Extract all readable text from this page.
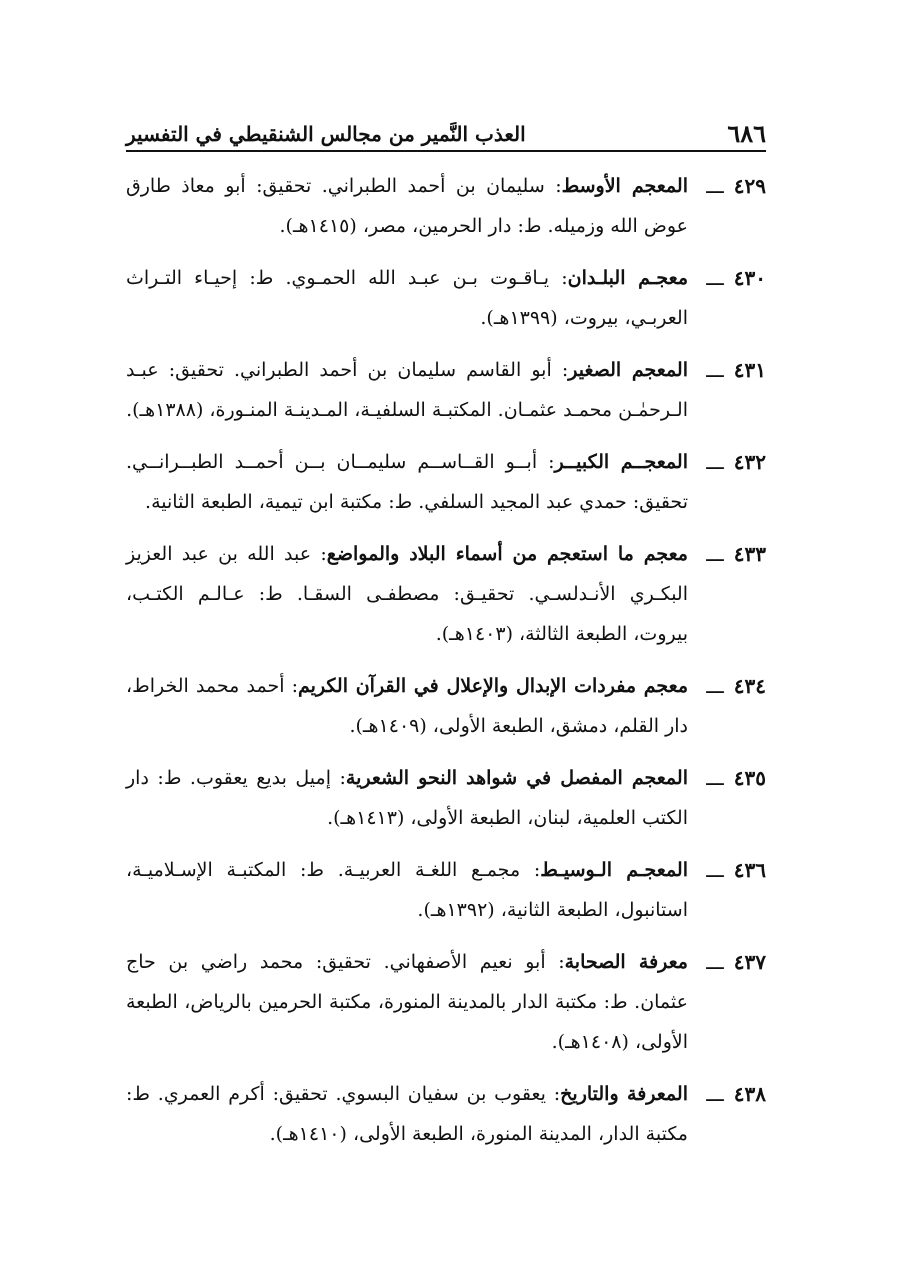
٦٨٦
العذب النَّمير من مجالس الشنقيطي في التفسير
٤٢٩
ـــ
المعجم الأوسط: سليمان بن أحمد الطبراني. تحقيق: أبو معاذ طارق عوض الله وزميله. ط: دار الحرمين، مصر، (١٤١٥هـ).
٤٣٠
ـــ
معجـم البلـدان: يـاقـوت بـن عبـد الله الحمـوي. ط: إحيـاء التـراث العربـي، بيروت، (١٣٩٩هـ).
٤٣١
ـــ
المعجم الصغير: أبو القاسم سليمان بن أحمد الطبراني. تحقيق: عبـد الـرحمٰـن محمـد عثمـان. المكتبـة السلفيـة، المـدينـة المنـورة، (١٣٨٨هـ).
٤٣٢
ـــ
المعجــم الكبيــر: أبــو القــاســم سليمــان بــن أحمــد الطبــرانــي. تحقيق: حمدي عبد المجيد السلفي. ط: مكتبة ابن تيمية، الطبعة الثانية.
٤٣٣
ـــ
معجم ما استعجم من أسماء البلاد والمواضع: عبد الله بن عبد العزيز البكـري الأنـدلسـي. تحقيـق: مصطفـى السقـا. ط: عـالـم الكتـب، بيروت، الطبعة الثالثة، (١٤٠٣هـ).
٤٣٤
ـــ
معجم مفردات الإبدال والإعلال في القرآن الكريم: أحمد محمد الخراط، دار القلم، دمشق، الطبعة الأولى، (١٤٠٩هـ).
٤٣٥
ـــ
المعجم المفصل في شواهد النحو الشعرية: إميل بديع يعقوب. ط: دار الكتب العلمية، لبنان، الطبعة الأولى، (١٤١٣هـ).
٤٣٦
ـــ
المعجـم الـوسيـط: مجمـع اللغـة العربيـة. ط: المكتبـة الإسـلاميـة، استانبول، الطبعة الثانية، (١٣٩٢هـ).
٤٣٧
ـــ
معرفة الصحابة: أبو نعيم الأصفهاني. تحقيق: محمد راضي بن حاج عثمان. ط: مكتبة الدار بالمدينة المنورة، مكتبة الحرمين بالرياض، الطبعة الأولى، (١٤٠٨هـ).
٤٣٨
ـــ
المعرفة والتاريخ: يعقوب بن سفيان البسوي. تحقيق: أكرم العمري. ط: مكتبة الدار، المدينة المنورة، الطبعة الأولى، (١٤١٠هـ).
